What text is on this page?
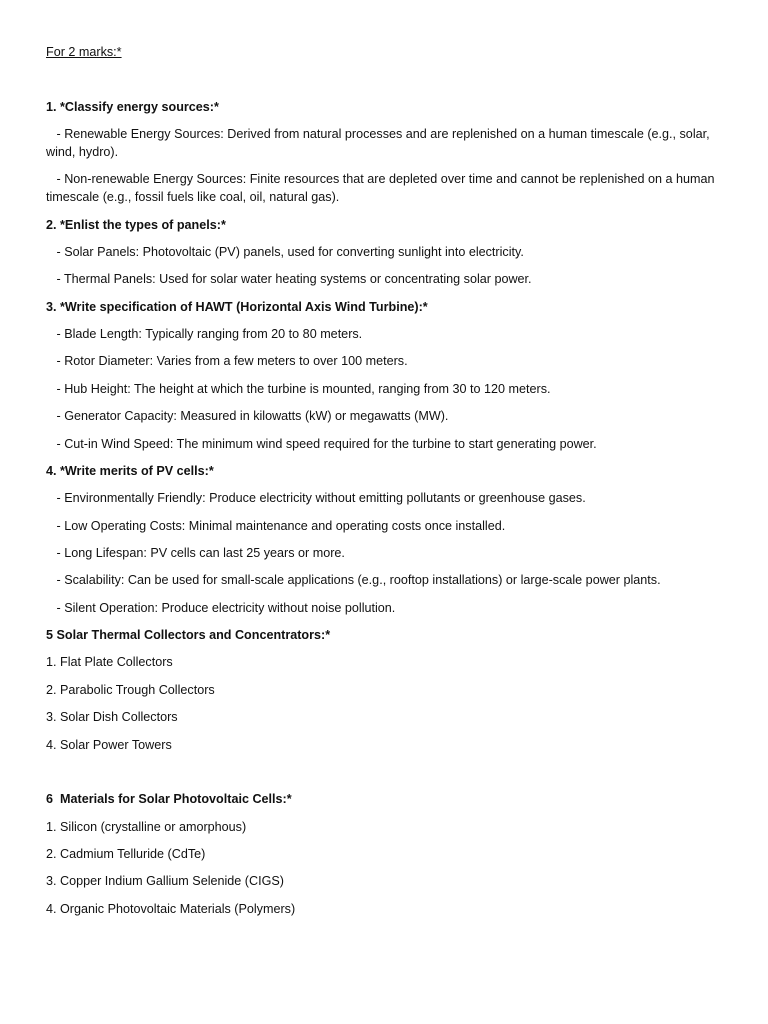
For 2 marks:*
1. *Classify energy sources:*
- Renewable Energy Sources: Derived from natural processes and are replenished on a human timescale (e.g., solar, wind, hydro).
- Non-renewable Energy Sources: Finite resources that are depleted over time and cannot be replenished on a human timescale (e.g., fossil fuels like coal, oil, natural gas).
2. *Enlist the types of panels:*
- Solar Panels: Photovoltaic (PV) panels, used for converting sunlight into electricity.
- Thermal Panels: Used for solar water heating systems or concentrating solar power.
3. *Write specification of HAWT (Horizontal Axis Wind Turbine):*
- Blade Length: Typically ranging from 20 to 80 meters.
- Rotor Diameter: Varies from a few meters to over 100 meters.
- Hub Height: The height at which the turbine is mounted, ranging from 30 to 120 meters.
- Generator Capacity: Measured in kilowatts (kW) or megawatts (MW).
- Cut-in Wind Speed: The minimum wind speed required for the turbine to start generating power.
4. *Write merits of PV cells:*
- Environmentally Friendly: Produce electricity without emitting pollutants or greenhouse gases.
- Low Operating Costs: Minimal maintenance and operating costs once installed.
- Long Lifespan: PV cells can last 25 years or more.
- Scalability: Can be used for small-scale applications (e.g., rooftop installations) or large-scale power plants.
- Silent Operation: Produce electricity without noise pollution.
5 Solar Thermal Collectors and Concentrators:*
1. Flat Plate Collectors
2. Parabolic Trough Collectors
3. Solar Dish Collectors
4. Solar Power Towers
6  Materials for Solar Photovoltaic Cells:*
1. Silicon (crystalline or amorphous)
2. Cadmium Telluride (CdTe)
3. Copper Indium Gallium Selenide (CIGS)
4. Organic Photovoltaic Materials (Polymers)
